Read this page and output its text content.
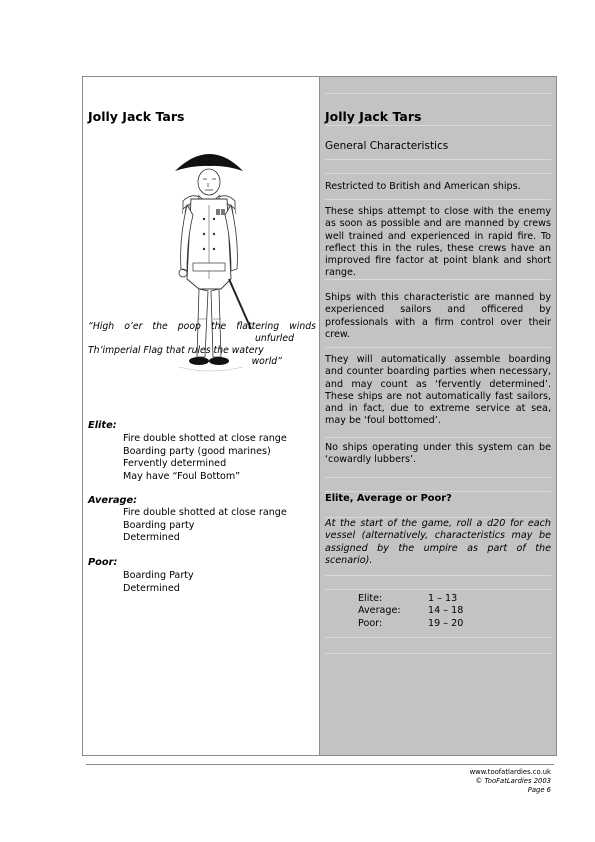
Jolly Jack Tars
“High o’er the poop the flattering winds
unfurled
Th’imperial Flag that rules the watery
world”
Elite:
Fire double shotted at close range
Boarding party (good marines)
Fervently determined
May have “Foul Bottom”
Average:
Fire double shotted at close range
Boarding party
Determined
Poor:
Boarding Party
Determined
Jolly Jack Tars
General Characteristics
Restricted to British and American ships.
These ships attempt to close with the enemy as soon as possible and are manned by crews well trained and experienced in rapid fire. To reflect this in the rules, these crews have an improved fire factor at point blank and short range.
Ships with this characteristic are manned by experienced sailors and officered by professionals with a firm control over their crew.
They will automatically assemble boarding and counter boarding parties when necessary, and may count as ‘fervently determined’. These ships are not automatically fast sailors, and in fact, due to extreme service at sea, may be ‘foul bottomed’.
No ships operating under this system can be ‘cowardly lubbers’.
Elite, Average or Poor?
At the start of the game, roll a d20 for each vessel (alternatively, characteristics may be assigned by the umpire as part of the scenario).
Elite:	1 – 13
Average:	14 – 18
Poor:	19 – 20
www.toofatlardies.co.uk
© TooFatLardies 2003
Page 6
